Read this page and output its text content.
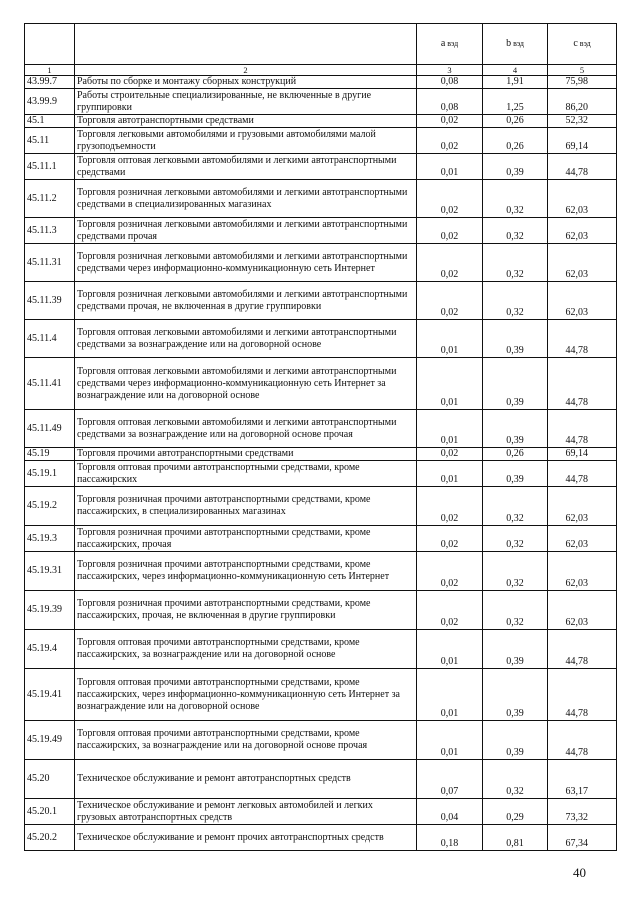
		a вэд	b вэд	c вэд
1	2	3	4	5
43.99.7	Работы по сборке и монтажу сборных конструкций	0,08	1,91	75,98
43.99.9	Работы строительные специализированные, не включенные в другие группировки	0,08	1,25	86,20
45.1	Торговля автотранспортными средствами	0,02	0,26	52,32
45.11	Торговля легковыми автомобилями и грузовыми автомобилями малой грузоподъемности	0,02	0,26	69,14
45.11.1	Торговля оптовая легковыми автомобилями и легкими автотранспортными средствами	0,01	0,39	44,78
45.11.2	Торговля розничная легковыми автомобилями и легкими автотранспортными средствами в специализированных магазинах	0,02	0,32	62,03
45.11.3	Торговля розничная легковыми автомобилями и легкими автотранспортными средствами прочая	0,02	0,32	62,03
45.11.31	Торговля розничная легковыми автомобилями и легкими автотранспортными средствами через информационно-коммуникационную сеть Интернет	0,02	0,32	62,03
45.11.39	Торговля розничная легковыми автомобилями и легкими автотранспортными средствами прочая, не включенная в другие группировки	0,02	0,32	62,03
45.11.4	Торговля оптовая легковыми автомобилями и легкими автотранспортными средствами за вознаграждение или на договорной основе	0,01	0,39	44,78
45.11.41	Торговля оптовая легковыми автомобилями и легкими автотранспортными средствами через информационно-коммуникационную сеть Интернет за вознаграждение или на договорной основе	0,01	0,39	44,78
45.11.49	Торговля оптовая легковыми автомобилями и легкими автотранспортными средствами за вознаграждение или на договорной основе прочая	0,01	0,39	44,78
45.19	Торговля прочими автотранспортными средствами	0,02	0,26	69,14
45.19.1	Торговля оптовая прочими автотранспортными средствами, кроме пассажирских	0,01	0,39	44,78
45.19.2	Торговля розничная прочими автотранспортными средствами, кроме пассажирских, в специализированных магазинах	0,02	0,32	62,03
45.19.3	Торговля розничная прочими автотранспортными средствами, кроме пассажирских, прочая	0,02	0,32	62,03
45.19.31	Торговля розничная прочими автотранспортными средствами, кроме пассажирских, через информационно-коммуникационную сеть Интернет	0,02	0,32	62,03
45.19.39	Торговля розничная прочими автотранспортными средствами, кроме пассажирских, прочая, не включенная в другие группировки	0,02	0,32	62,03
45.19.4	Торговля оптовая прочими автотранспортными средствами, кроме пассажирских, за вознаграждение или на договорной основе	0,01	0,39	44,78
45.19.41	Торговля оптовая прочими автотранспортными средствами, кроме пассажирских, через информационно-коммуникационную сеть Интернет за вознаграждение или на договорной основе	0,01	0,39	44,78
45.19.49	Торговля оптовая прочими автотранспортными средствами, кроме пассажирских, за вознаграждение или на договорной основе прочая	0,01	0,39	44,78
45.20	Техническое обслуживание и ремонт автотранспортных средств	0,07	0,32	63,17
45.20.1	Техническое обслуживание и ремонт легковых автомобилей и легких грузовых автотранспортных средств	0,04	0,29	73,32
45.20.2	Техническое обслуживание и ремонт прочих автотранспортных средств	0,18	0,81	67,34
40
